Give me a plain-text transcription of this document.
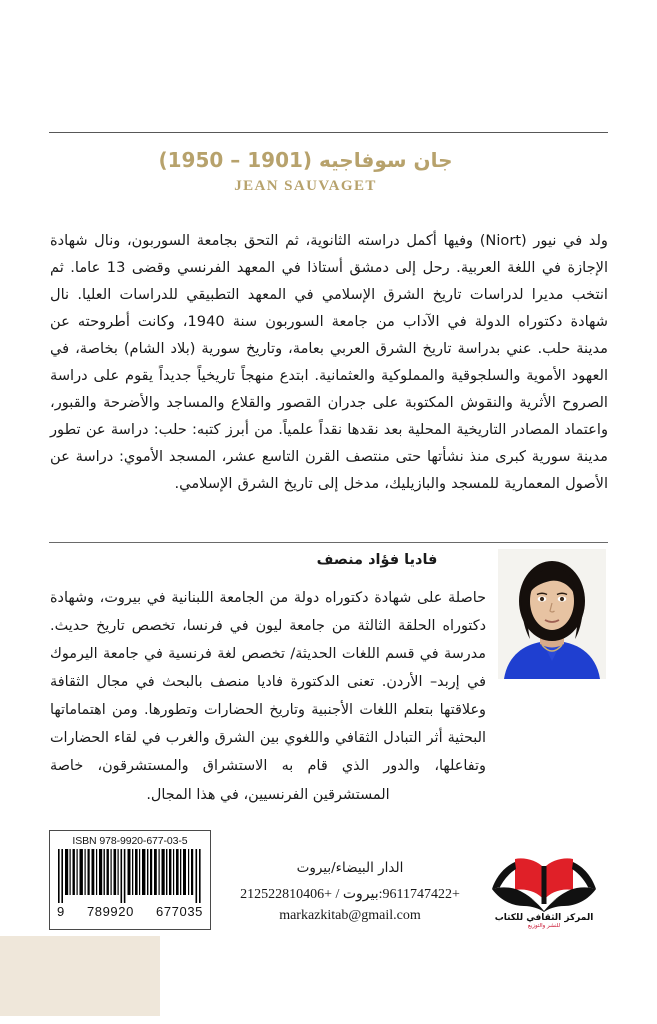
جان سوفاجيه (1901 – 1950)
JEAN SAUVAGET
ولد في نيور (Niort) وفيها أكمل دراسته الثانوية، ثم التحق بجامعة السوربون، ونال شهادة الإجازة في اللغة العربية. رحل إلى دمشق أستاذا في المعهد الفرنسي وقضى 13 عاما. ثم انتخب مديرا لدراسات تاريخ الشرق الإسلامي في المعهد التطبيقي للدراسات العليا. نال شهادة دكتوراه الدولة في الآداب من جامعة السوربون سنة 1940، وكانت أطروحته عن مدينة حلب. عني بدراسة تاريخ الشرق العربي بعامة، وتاريخ سورية (بلاد الشام) بخاصة، في العهود الأموية والسلجوقية والمملوكية والعثمانية. ابتدع منهجاً تاريخياً جديداً يقوم على دراسة الصروح الأثرية والنقوش المكتوبة على جدران القصور والقلاع والمساجد والأضرحة والقبور، واعتماد المصادر التاريخية المحلية بعد نقدها نقداً علمياً. من أبرز كتبه: حلب: دراسة عن تطور مدينة سورية كبرى منذ نشأتها حتى منتصف القرن التاسع عشر، المسجد الأموي: دراسة عن الأصول المعمارية للمسجد والبازيليك، مدخل إلى تاريخ الشرق الإسلامي.
فاديا فؤاد منصف
حاصلة على شهادة دكتوراه دولة من الجامعة اللبنانية في بيروت، وشهادة دكتوراه الحلقة الثالثة من جامعة ليون في فرنسا، تخصص تاريخ حديث. مدرسة في قسم اللغات الحديثة/ تخصص لغة فرنسية في جامعة اليرموك في إربد– الأردن. تعنى الدكتورة فاديا منصف بالبحث في مجال الثقافة وعلاقتها بتعلم اللغات الأجنبية وتاريخ الحضارات وتطورها. ومن اهتماماتها البحثية أثر التبادل الثقافي واللغوي بين الشرق والغرب في لقاء الحضارات وتفاعلها، والدور الذي قام به الاستشراق والمستشرقون، خاصة المستشرقين الفرنسيين، في هذا المجال.
ISBN 978-9920-677-03-5
9 789920 677035
الدار البيضاء/بيروت
+9611747422:بيروت / +212522810406
markazkitab@gmail.com	المركز الثقافي للكتاب
للنشر والتوزيع
